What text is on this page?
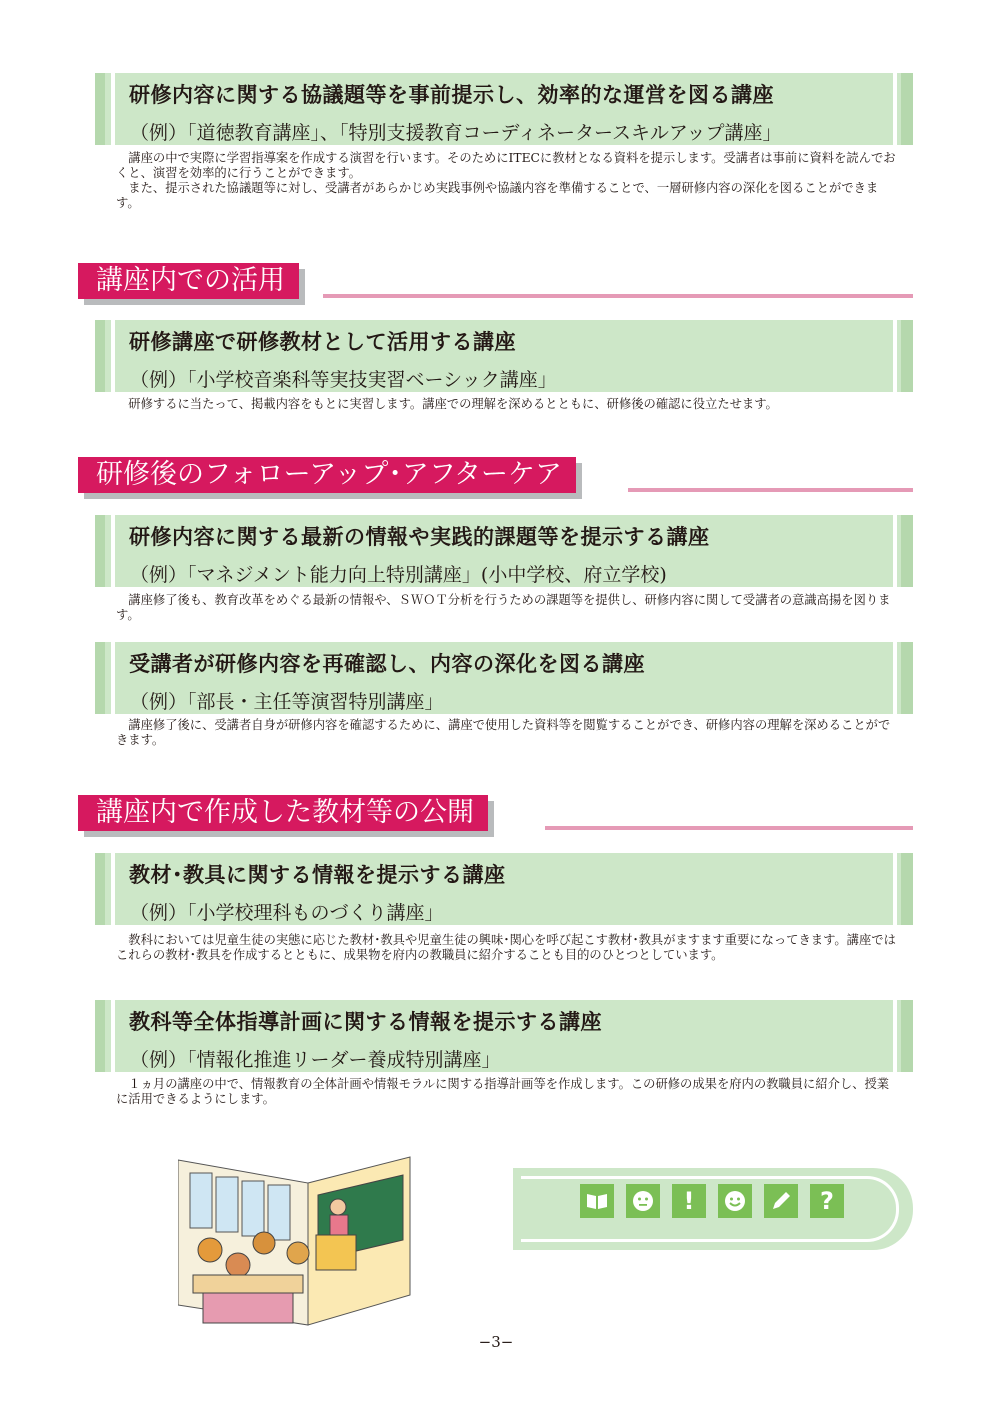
研修内容に関する協議題等を事前提示し、効率的な運営を図る講座
（例）「道徳教育講座」、「特別支援教育コーディネータースキルアップ講座」

講座の中で実際に学習指導案を作成する演習を行います。そのためにITECに教材となる資料を提示します。受講者は事前に資料を読んでおくと、演習を効率的に行うことができます。

また、提示された協議題等に対し、受講者があらかじめ実践事例や協議内容を準備することで、一層研修内容の深化を図ることができます。

講座内での活用
研修講座で研修教材として活用する講座
（例）「小学校音楽科等実技実習ベーシック講座」

研修するに当たって、掲載内容をもとに実習します。講座での理解を深めるとともに、研修後の確認に役立たせます。

研修後のフォローアップ･アフターケア
研修内容に関する最新の情報や実践的課題等を提示する講座
（例）「マネジメント能力向上特別講座」(小中学校、府立学校)

講座修了後も、教育改革をめぐる最新の情報や、ＳＷＯＴ分析を行うための課題等を提供し、研修内容に関して受講者の意識高揚を図ります。

受講者が研修内容を再確認し、内容の深化を図る講座
（例）「部長・主任等演習特別講座」

講座修了後に、受講者自身が研修内容を確認するために、講座で使用した資料等を閲覧することができ、研修内容の理解を深めることができます。

講座内で作成した教材等の公開
教材･教具に関する情報を提示する講座
（例）「小学校理科ものづくり講座」

教科においては児童生徒の実態に応じた教材･教具や児童生徒の興味･関心を呼び起こす教材･教具がますます重要になってきます。講座ではこれらの教材･教具を作成するとともに、成果物を府内の教職員に紹介することも目的のひとつとしています。

教科等全体指導計画に関する情報を提示する講座
（例）「情報化推進リーダー養成特別講座」

１ヵ月の講座の中で、情報教育の全体計画や情報モラルに関する指導計画等を作成します。この研修の成果を府内の教職員に紹介し、授業に活用できるようにします。

!	?
−3−
